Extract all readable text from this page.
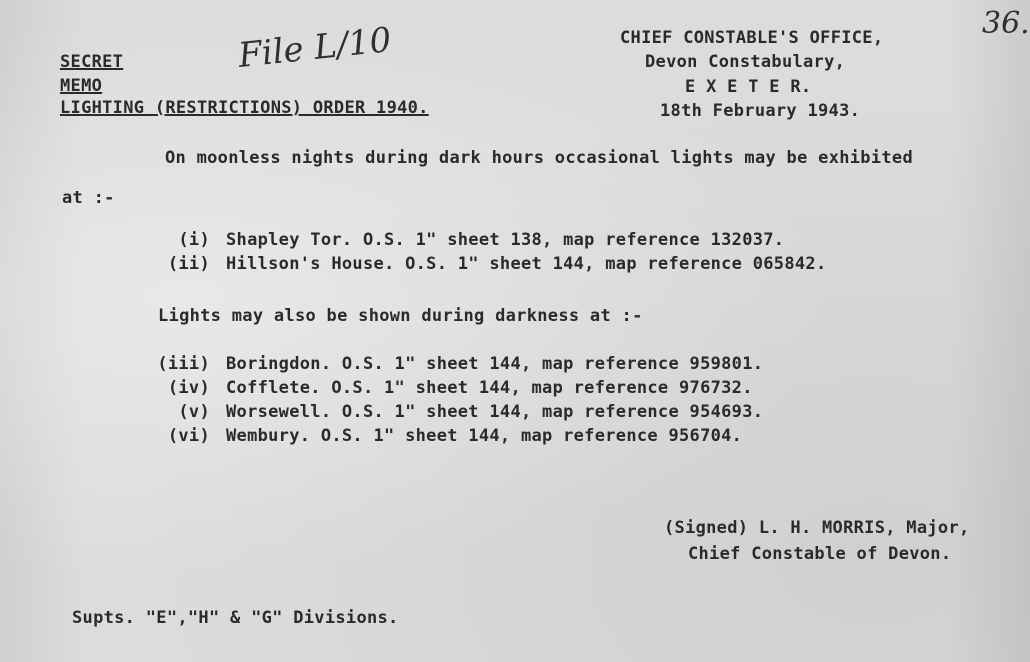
SECRET
MEMO
LIGHTING (RESTRICTIONS) ORDER 1940.
File L/10	36.
CHIEF CONSTABLE'S OFFICE,
Devon Constabulary,
E X E T E R.
18th February 1943.
On moonless nights during dark hours occasional lights may be exhibited
at :-
(i) Shapley Tor. O.S. 1" sheet 138, map reference 132037.
(ii) Hillson's House. O.S. 1" sheet 144, map reference 065842.
Lights may also be shown during darkness at :-
(iii) Boringdon. O.S. 1" sheet 144, map reference 959801.
(iv) Cofflete. O.S. 1" sheet 144, map reference 976732.
(v) Worsewell. O.S. 1" sheet 144, map reference 954693.
(vi) Wembury. O.S. 1" sheet 144, map reference 956704.
(Signed) L. H. MORRIS, Major,
Chief Constable of Devon.
Supts. "E","H" & "G" Divisions.
